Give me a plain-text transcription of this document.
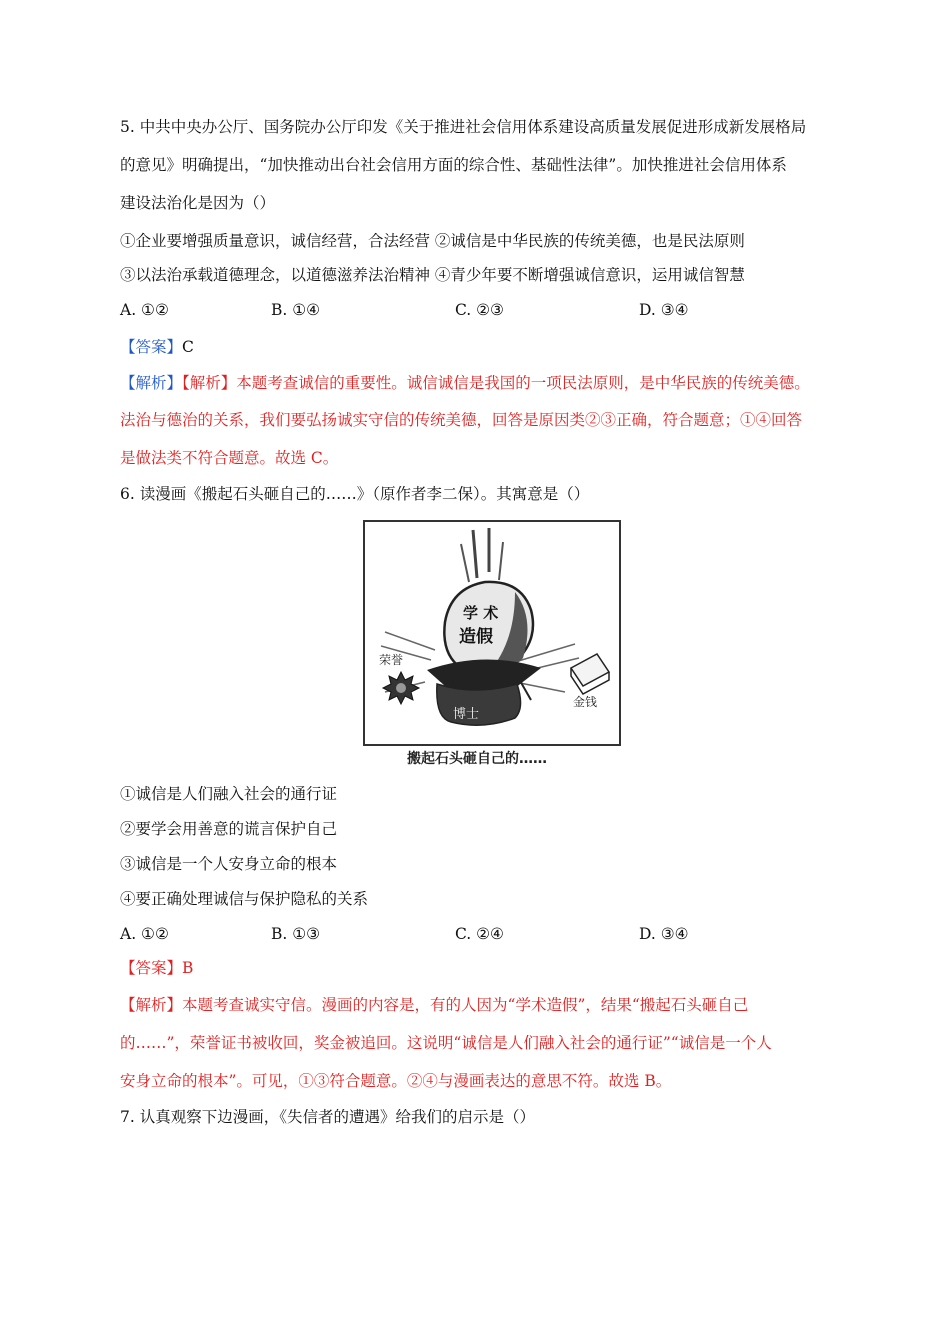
5. 中共中央办公厅、国务院办公厅印发《关于推进社会信用体系建设高质量发展促进形成新发展格局
的意见》明确提出，“加快推动出台社会信用方面的综合性、基础性法律”。加快推进社会信用体系
建设法治化是因为（）
①企业要增强质量意识，诚信经营，合法经营 ②诚信是中华民族的传统美德，也是民法原则
③以法治承载道德理念，以道德滋养法治精神 ④青少年要不断增强诚信意识，运用诚信智慧
A. ①②	B. ①④	C. ②③	D. ③④
【答案】C
【解析】【解析】本题考查诚信的重要性。诚信诚信是我国的一项民法原则，是中华民族的传统美德。
法治与德治的关系，我们要弘扬诚实守信的传统美德，回答是原因类②③正确，符合题意；①④回答
是做法类不符合题意。故选 C。
6. 读漫画《搬起石头砸自己的……》（原作者李二保）。其寓意是（）
学 术
造假
博士
荣誉
金钱
搬起石头砸自己的……
①诚信是人们融入社会的通行证
②要学会用善意的谎言保护自己
③诚信是一个人安身立命的根本
④要正确处理诚信与保护隐私的关系
A. ①②	B. ①③	C. ②④	D. ③④
【答案】B
【解析】本题考查诚实守信。漫画的内容是，有的人因为“学术造假”，结果“搬起石头砸自己
的……”，荣誉证书被收回，奖金被追回。这说明“诚信是人们融入社会的通行证”“诚信是一个人
安身立命的根本”。可见，①③符合题意。②④与漫画表达的意思不符。故选 B。
7. 认真观察下边漫画，《失信者的遭遇》给我们的启示是（）
